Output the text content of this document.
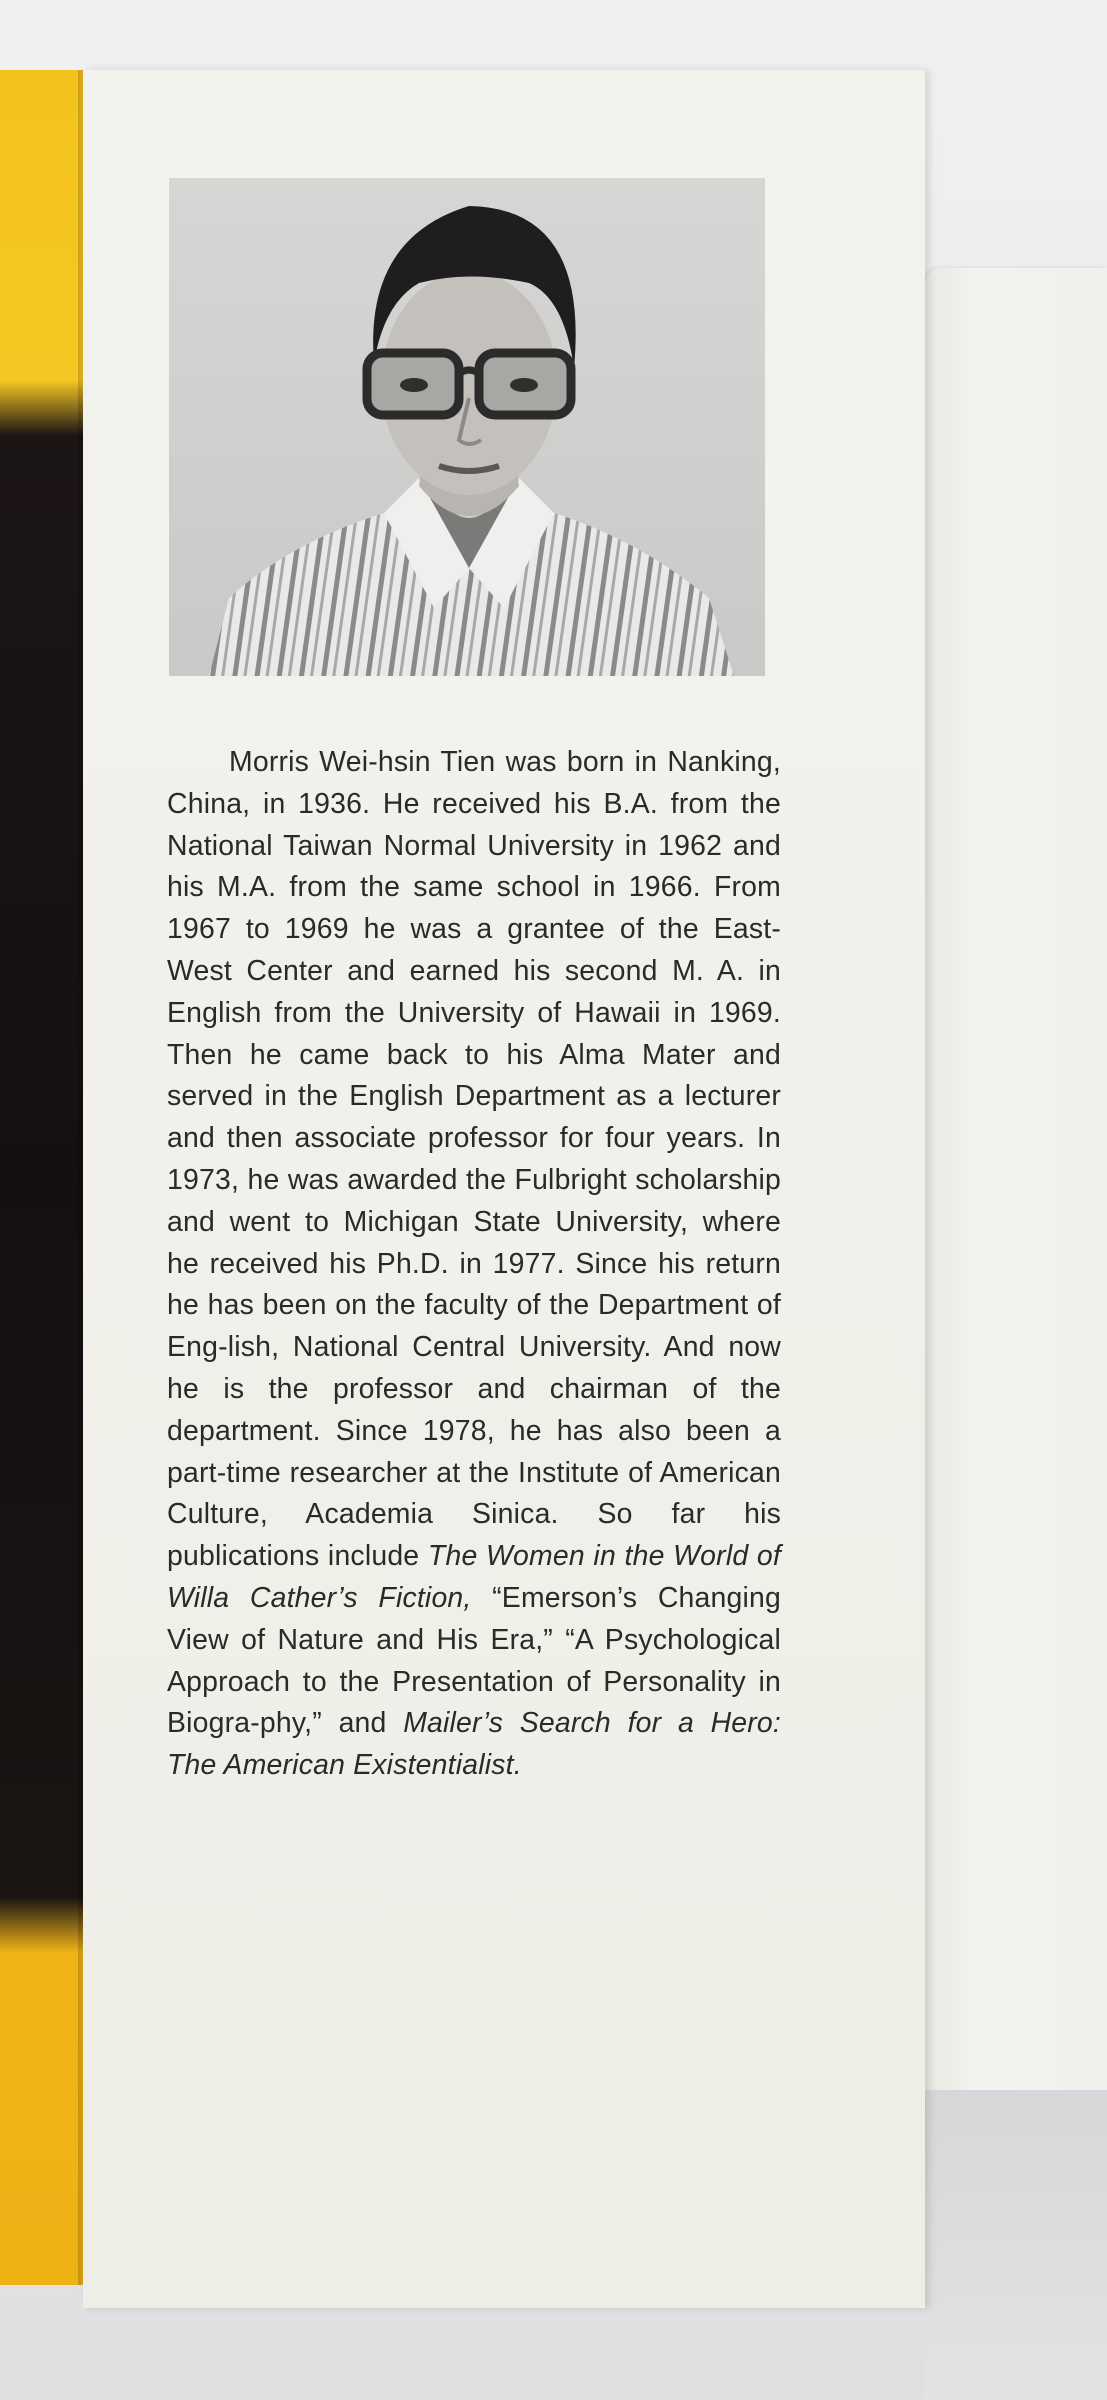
Morris Wei-hsin Tien was born in Nanking, China, in 1936. He received his B.A. from the National Taiwan Normal University in 1962 and his M.A. from the same school in 1966. From 1967 to 1969 he was a grantee of the East-West Center and earned his second M. A. in English from the University of Hawaii in 1969. Then he came back to his Alma Mater and served in the English Department as a lecturer and then associate professor for four years. In 1973, he was awarded the Fulbright scholarship and went to Michigan State University, where he received his Ph.D. in 1977. Since his return he has been on the faculty of the Department of Eng-lish, National Central University. And now he is the professor and chairman of the department. Since 1978, he has also been a part-time researcher at the Institute of American Culture, Academia Sinica. So far his publications include The Women in the World of Willa Cather’s Fiction, “Emerson’s Changing View of Nature and His Era,” “A Psychological Approach to the Presentation of Personality in Biogra-phy,” and Mailer’s Search for a Hero: The American Existentialist.
